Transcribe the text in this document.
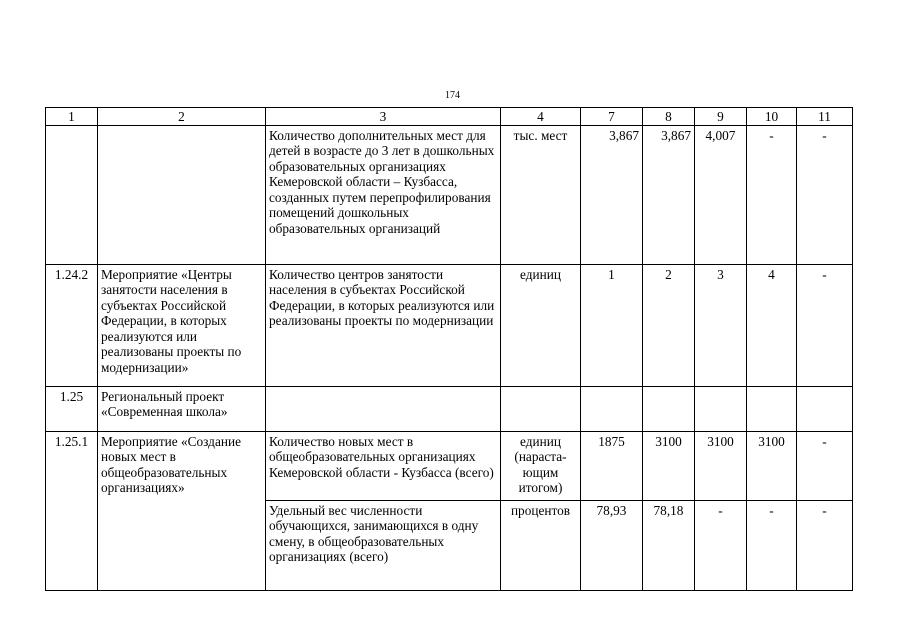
174
1	2	3	4	7	8	9	10	11
		Количество дополнительных мест для детей в возрасте до 3 лет в дошкольных образовательных организациях Кемеровской области – Кузбасса, созданных путем перепрофилирования помещений дошкольных образовательных организаций	тыс. мест	3,867	3,867	4,007	-	-
1.24.2	Мероприятие «Центры занятости населения в субъектах Российской Федерации, в которых реализуются или реализованы проекты по модернизации»	Количество центров занятости населения в субъектах Российской Федерации, в которых реализуются или реализованы проекты по модернизации	единиц	1	2	3	4	-
1.25	Региональный проект «Современная школа»							
1.25.1	Мероприятие «Создание новых мест в общеобразовательных организациях»	Количество новых мест в общеобразовательных организациях Кемеровской области - Кузбасса (всего)	единиц (нараста-ющим итогом)	1875	3100	3100	3100	-
		Удельный вес численности обучающихся, занимающихся в одну смену, в общеобразовательных организациях (всего)	процентов	78,93	78,18	-	-	-
